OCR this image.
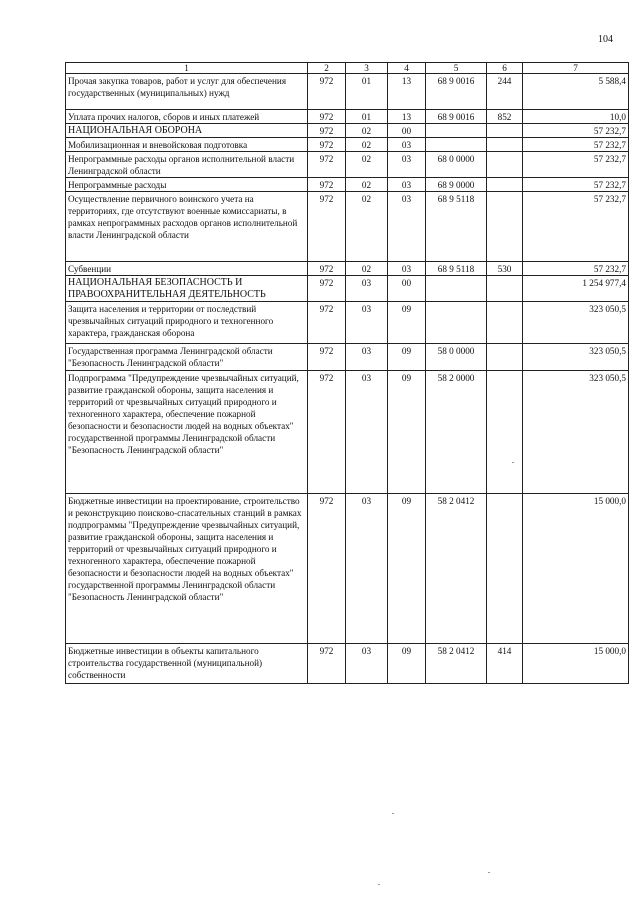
104
1	2	3	4	5	6	7
Прочая закупка товаров, работ и услуг для обеспечения государственных (муниципальных) нужд	972	01	13	68 9 0016	244	5 588,4
Уплата прочих налогов, сборов и иных платежей	972	01	13	68 9 0016	852	10,0
НАЦИОНАЛЬНАЯ ОБОРОНА	972	02	00			57 232,7
Мобилизационная и вневойсковая подготовка	972	02	03			57 232,7
Непрограммные расходы органов исполнительной власти Ленинградской области	972	02	03	68 0 0000		57 232,7
Непрограммные расходы	972	02	03	68 9 0000		57 232,7
Осуществление первичного воинского учета на территориях, где отсутствуют военные комиссариаты, в рамках непрограммных расходов органов исполнительной власти Ленинградской области	972	02	03	68 9 5118		57 232,7
Субвенции	972	02	03	68 9 5118	530	57 232,7
НАЦИОНАЛЬНАЯ БЕЗОПАСНОСТЬ И ПРАВООХРАНИТЕЛЬНАЯ ДЕЯТЕЛЬНОСТЬ	972	03	00			1 254 977,4
Защита населения и территории от последствий чрезвычайных ситуаций природного и техногенного характера, гражданская оборона	972	03	09			323 050,5
Государственная программа Ленинградской области "Безопасность Ленинградской области"	972	03	09	58 0 0000		323 050,5
Подпрограмма "Предупреждение чрезвычайных ситуаций, развитие гражданской обороны, защита населения и территорий от чрезвычайных ситуаций природного и техногенного характера, обеспечение пожарной безопасности и безопасности людей на водных объектах" государственной программы Ленинградской области "Безопасность Ленинградской области"	972	03	09	58 2 0000		323 050,5
Бюджетные инвестиции на проектирование, строительство и реконструкцию поисково-спасательных станций в рамках подпрограммы "Предупреждение чрезвычайных ситуаций, развитие гражданской обороны, защита населения и территорий от чрезвычайных ситуаций природного и техногенного характера, обеспечение пожарной безопасности и безопасности людей на водных объектах" государственной программы Ленинградской области "Безопасность Ленинградской области"	972	03	09	58 2 0412		15 000,0
Бюджетные инвестиции в объекты капитального строительства государственной (муниципальной) собственности	972	03	09	58 2 0412	414	15 000,0
